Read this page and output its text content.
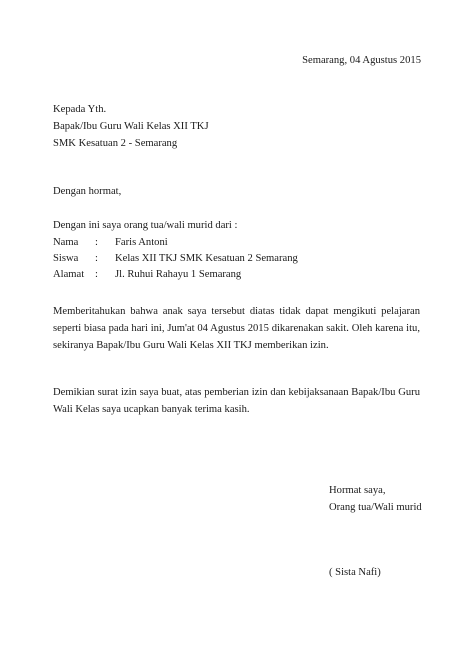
Semarang, 04 Agustus 2015
Kepada Yth.
Bapak/Ibu Guru Wali Kelas XII TKJ
SMK Kesatuan 2 - Semarang
Dengan hormat,
Dengan ini saya orang tua/wali murid dari :
Nama : Faris Antoni
Siswa : Kelas XII TKJ SMK Kesatuan 2 Semarang
Alamat : Jl. Ruhui Rahayu 1 Semarang
Memberitahukan bahwa anak saya tersebut diatas tidak dapat mengikuti pelajaran seperti biasa pada hari ini, Jum'at 04 Agustus 2015 dikarenakan sakit. Oleh karena itu, sekiranya Bapak/Ibu Guru Wali Kelas XII TKJ memberikan izin.
Demikian surat izin saya buat, atas pemberian izin dan kebijaksanaan Bapak/Ibu Guru Wali Kelas saya ucapkan banyak terima kasih.
Hormat saya,
Orang tua/Wali murid
( Sista Nafi)
